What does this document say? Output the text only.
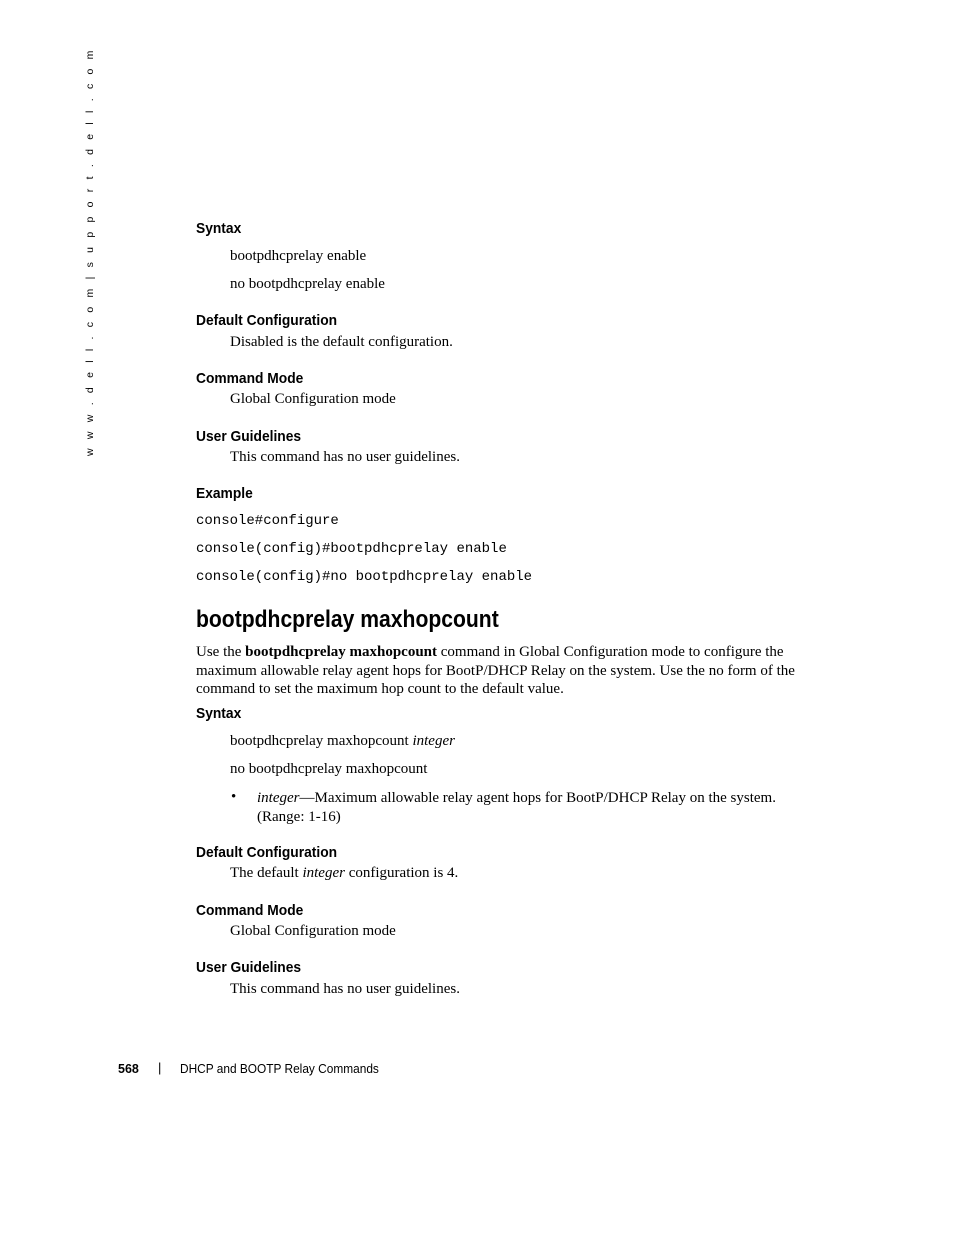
w w w . d e l l . c o m | s u p p o r t . d e l l . c o m	Syntax
bootpdhcprelay enable
no bootpdhcprelay enable
Default Configuration
Disabled is the default configuration.
Command Mode
Global Configuration mode
User Guidelines
This command has no user guidelines.
Example
console#configure
console(config)#bootpdhcprelay enable
console(config)#no bootpdhcprelay enable
bootpdhcprelay maxhopcount

Use the bootpdhcprelay maxhopcount command in Global Configuration mode to configure the maximum allowable relay agent hops for BootP/DHCP Relay on the system. Use the no form of the command to set the maximum hop count to the default value.

Syntax
bootpdhcprelay maxhopcount integer
no bootpdhcprelay maxhopcount
• integer—Maximum allowable relay agent hops for BootP/DHCP Relay on the system. (Range: 1-16)

Default Configuration
The default integer configuration is 4.
Command Mode
Global Configuration mode
User Guidelines
This command has no user guidelines.
568 | DHCP and BOOTP Relay Commands
